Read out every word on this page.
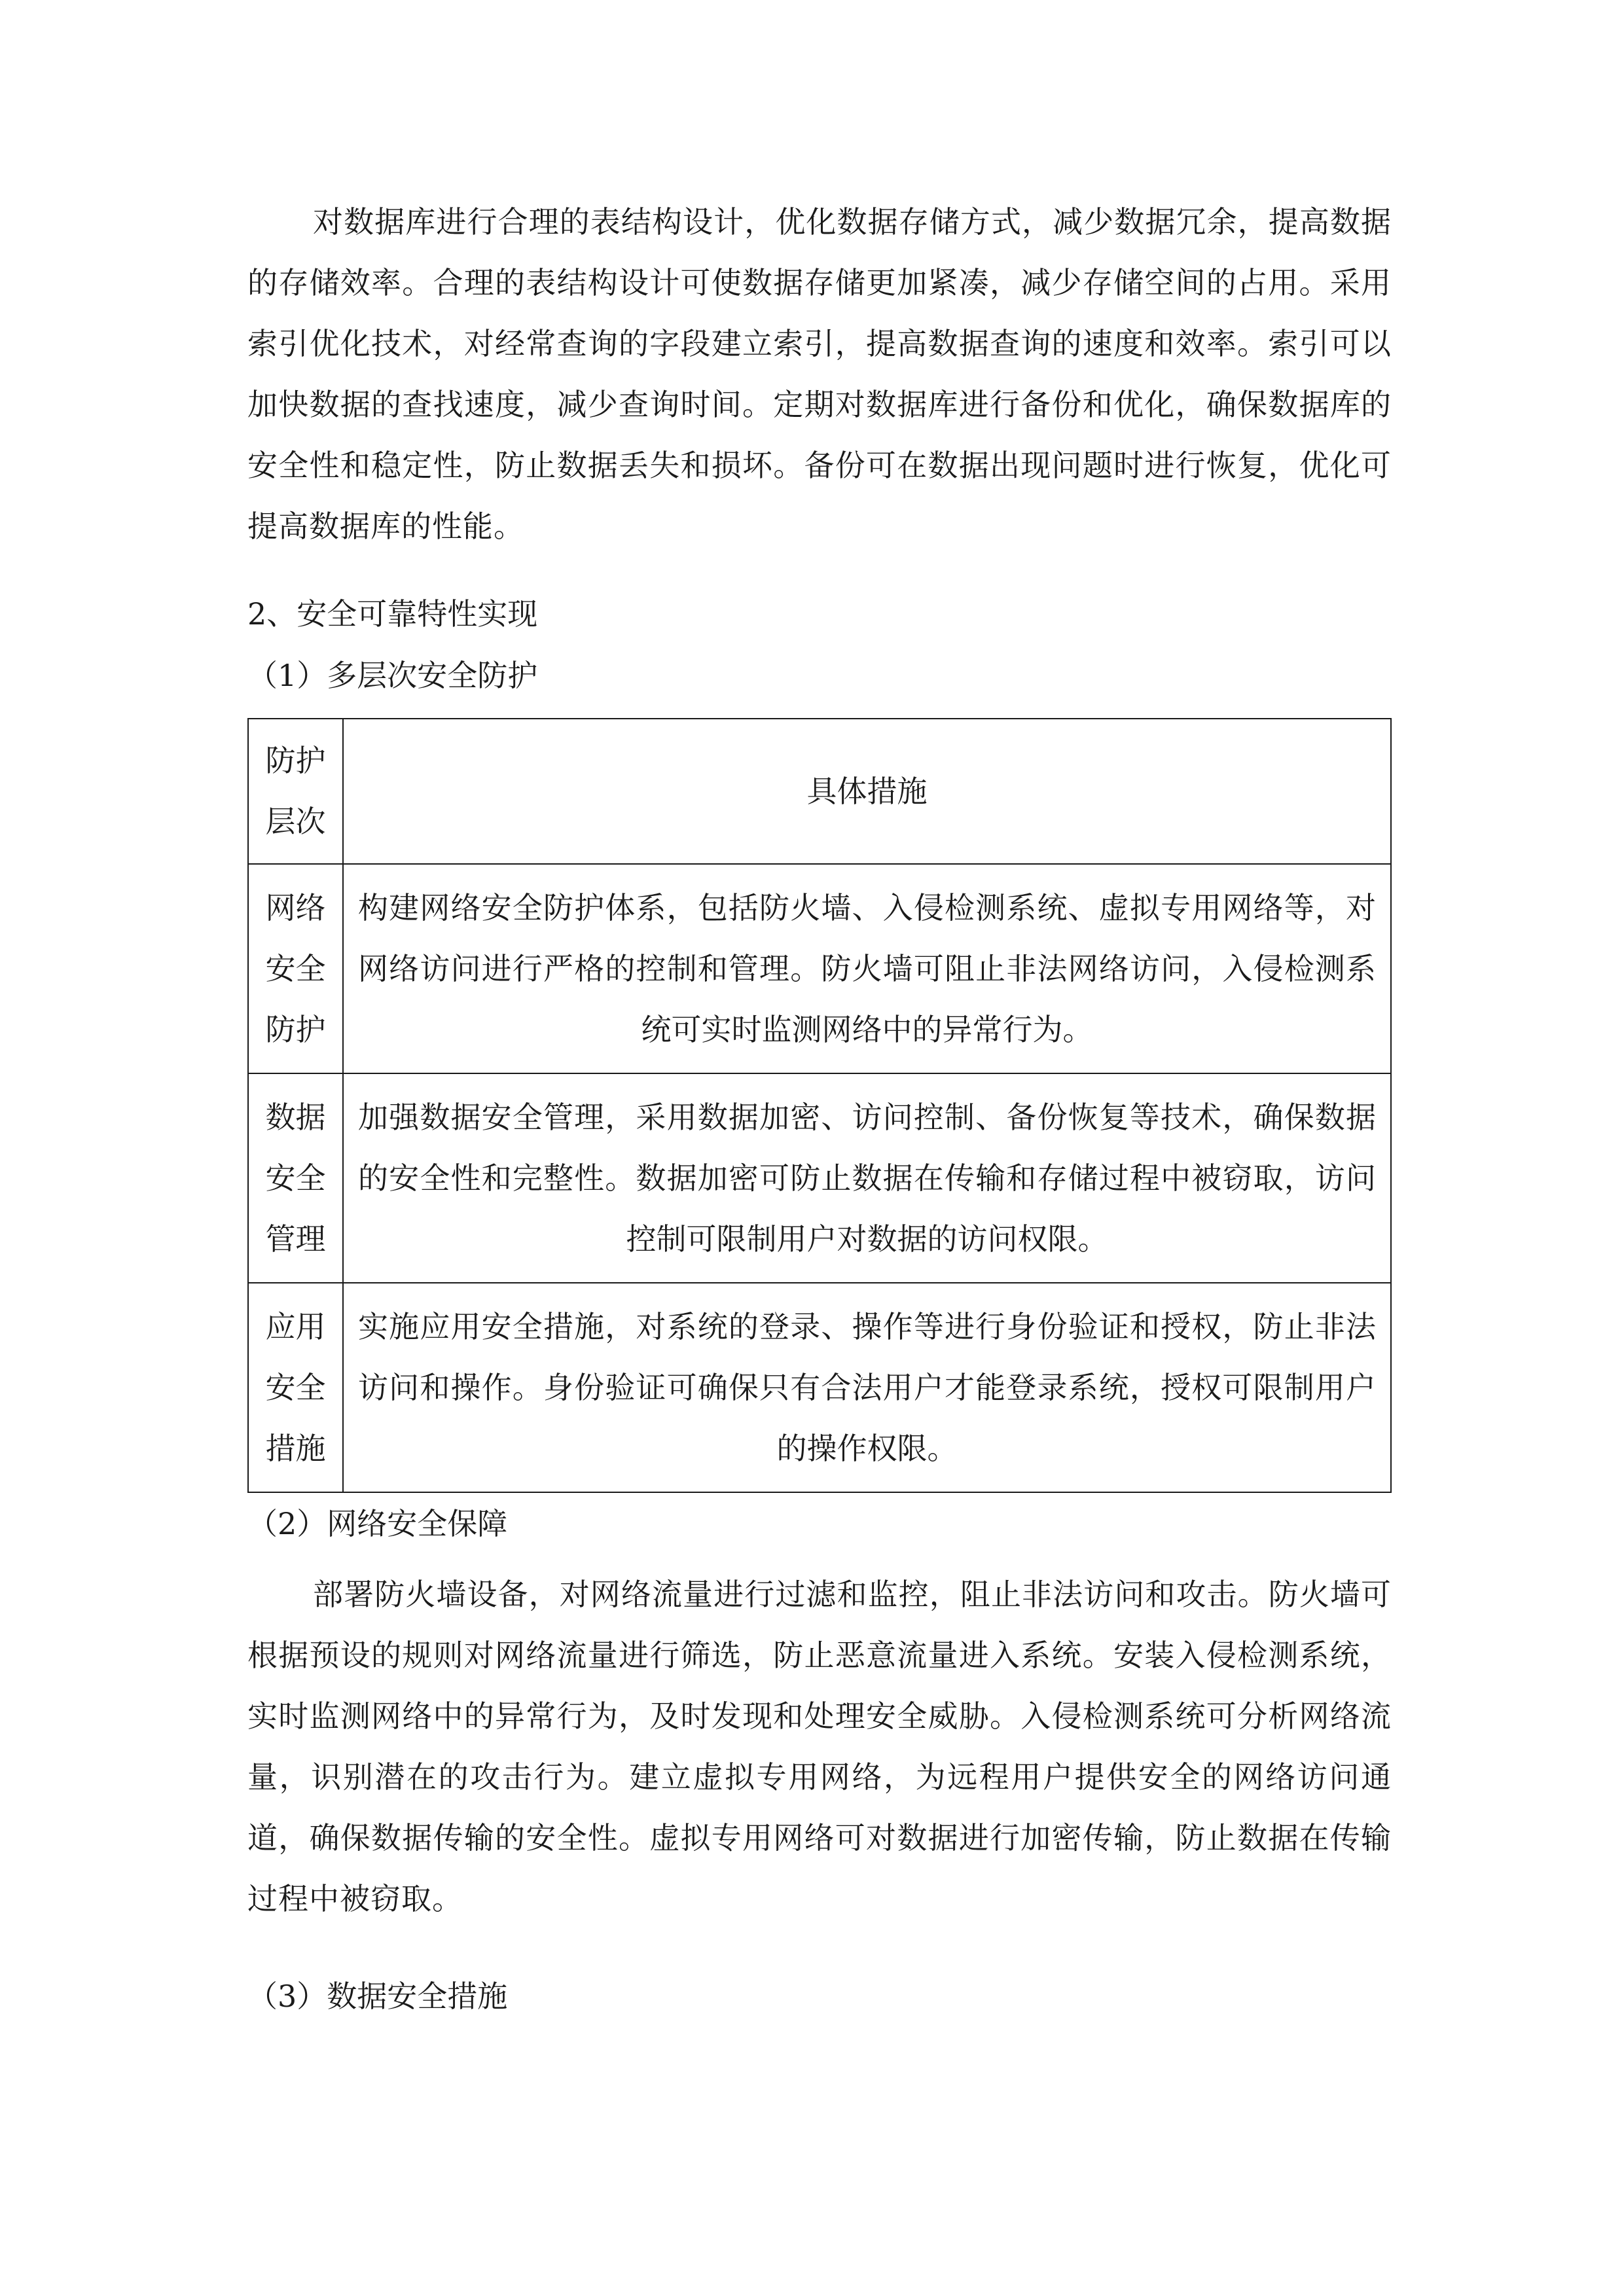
对数据库进行合理的表结构设计，优化数据存储方式，减少数据冗余，提高数据的存储效率。合理的表结构设计可使数据存储更加紧凑，减少存储空间的占用。采用索引优化技术，对经常查询的字段建立索引，提高数据查询的速度和效率。索引可以加快数据的查找速度，减少查询时间。定期对数据库进行备份和优化，确保数据库的安全性和稳定性，防止数据丢失和损坏。备份可在数据出现问题时进行恢复，优化可提高数据库的性能。

2、安全可靠特性实现

（1）多层次安全防护

防护层次	具体措施

网络安全防护	构建网络安全防护体系，包括防火墙、入侵检测系统、虚拟专用网络等，对网络访问进行严格的控制和管理。防火墙可阻止非法网络访问，入侵检测系统可实时监测网络中的异常行为。

数据安全管理	加强数据安全管理，采用数据加密、访问控制、备份恢复等技术，确保数据的安全性和完整性。数据加密可防止数据在传输和存储过程中被窃取，访问控制可限制用户对数据的访问权限。

应用安全措施	实施应用安全措施，对系统的登录、操作等进行身份验证和授权，防止非法访问和操作。身份验证可确保只有合法用户才能登录系统，授权可限制用户的操作权限。

（2）网络安全保障

部署防火墙设备，对网络流量进行过滤和监控，阻止非法访问和攻击。防火墙可根据预设的规则对网络流量进行筛选，防止恶意流量进入系统。安装入侵检测系统，实时监测网络中的异常行为，及时发现和处理安全威胁。入侵检测系统可分析网络流量，识别潜在的攻击行为。建立虚拟专用网络，为远程用户提供安全的网络访问通道，确保数据传输的安全性。虚拟专用网络可对数据进行加密传输，防止数据在传输过程中被窃取。

（3）数据安全措施
